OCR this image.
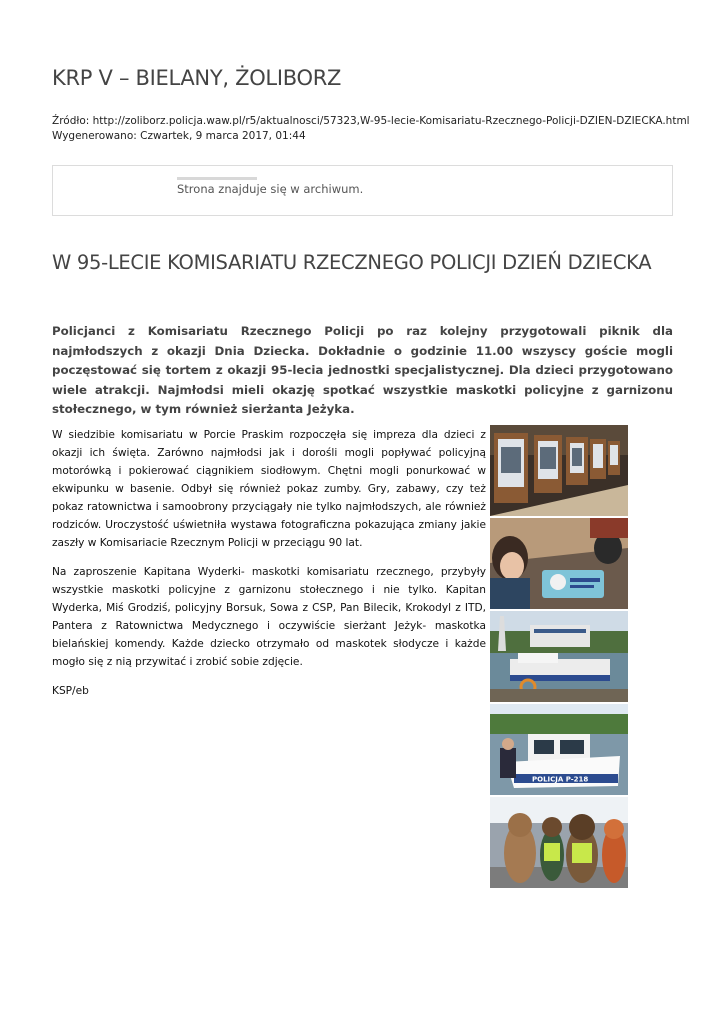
KRP V – BIELANY, ŻOLIBORZ
Źródło: http://zoliborz.policja.waw.pl/r5/aktualnosci/57323,W-95-lecie-Komisariatu-Rzecznego-Policji-DZIEN-DZIECKA.html
Wygenerowano: Czwartek, 9 marca 2017, 01:44
Strona znajduje się w archiwum.
W 95-LECIE KOMISARIATU RZECZNEGO POLICJI DZIEŃ DZIECKA
Policjanci z Komisariatu Rzecznego Policji po raz kolejny przygotowali piknik dla najmłodszych z okazji Dnia Dziecka. Dokładnie o godzinie 11.00 wszyscy goście mogli poczęstować się tortem z okazji 95-lecia jednostki specjalistycznej. Dla dzieci przygotowano wiele atrakcji. Najmłodsi mieli okazję spotkać wszystkie maskotki policyjne z garnizonu stołecznego, w tym również sierżanta Jeżyka.

W siedzibie komisariatu w Porcie Praskim rozpoczęła się impreza dla dzieci z okazji ich święta. Zarówno najmłodsi jak i dorośli mogli popływać policyjną motorówką i pokierować ciągnikiem siodłowym. Chętni mogli ponurkować w ekwipunku w basenie. Odbył się również pokaz zumby. Gry, zabawy, czy też pokaz ratownictwa i samoobrony przyciągały nie tylko najmłodszych, ale również rodziców. Uroczystość uświetniła wystawa fotograficzna pokazująca zmiany jakie zaszły w Komisariacie Rzecznym Policji w przeciągu 90 lat.

Na zaproszenie Kapitana Wyderki- maskotki komisariatu rzecznego, przybyły wszystkie maskotki policyjne z garnizonu stołecznego i nie tylko. Kapitan Wyderka, Miś Grodziś, policyjny Borsuk, Sowa z CSP, Pan Bilecik, Krokodyl z ITD, Pantera z Ratownictwa Medycznego i oczywiście sierżant Jeżyk- maskotka bielańskiej komendy. Każde dziecko otrzymało od maskotek słodycze i każde mogło się z nią przywitać i zrobić sobie zdjęcie.

KSP/eb

POLICJA P-218
